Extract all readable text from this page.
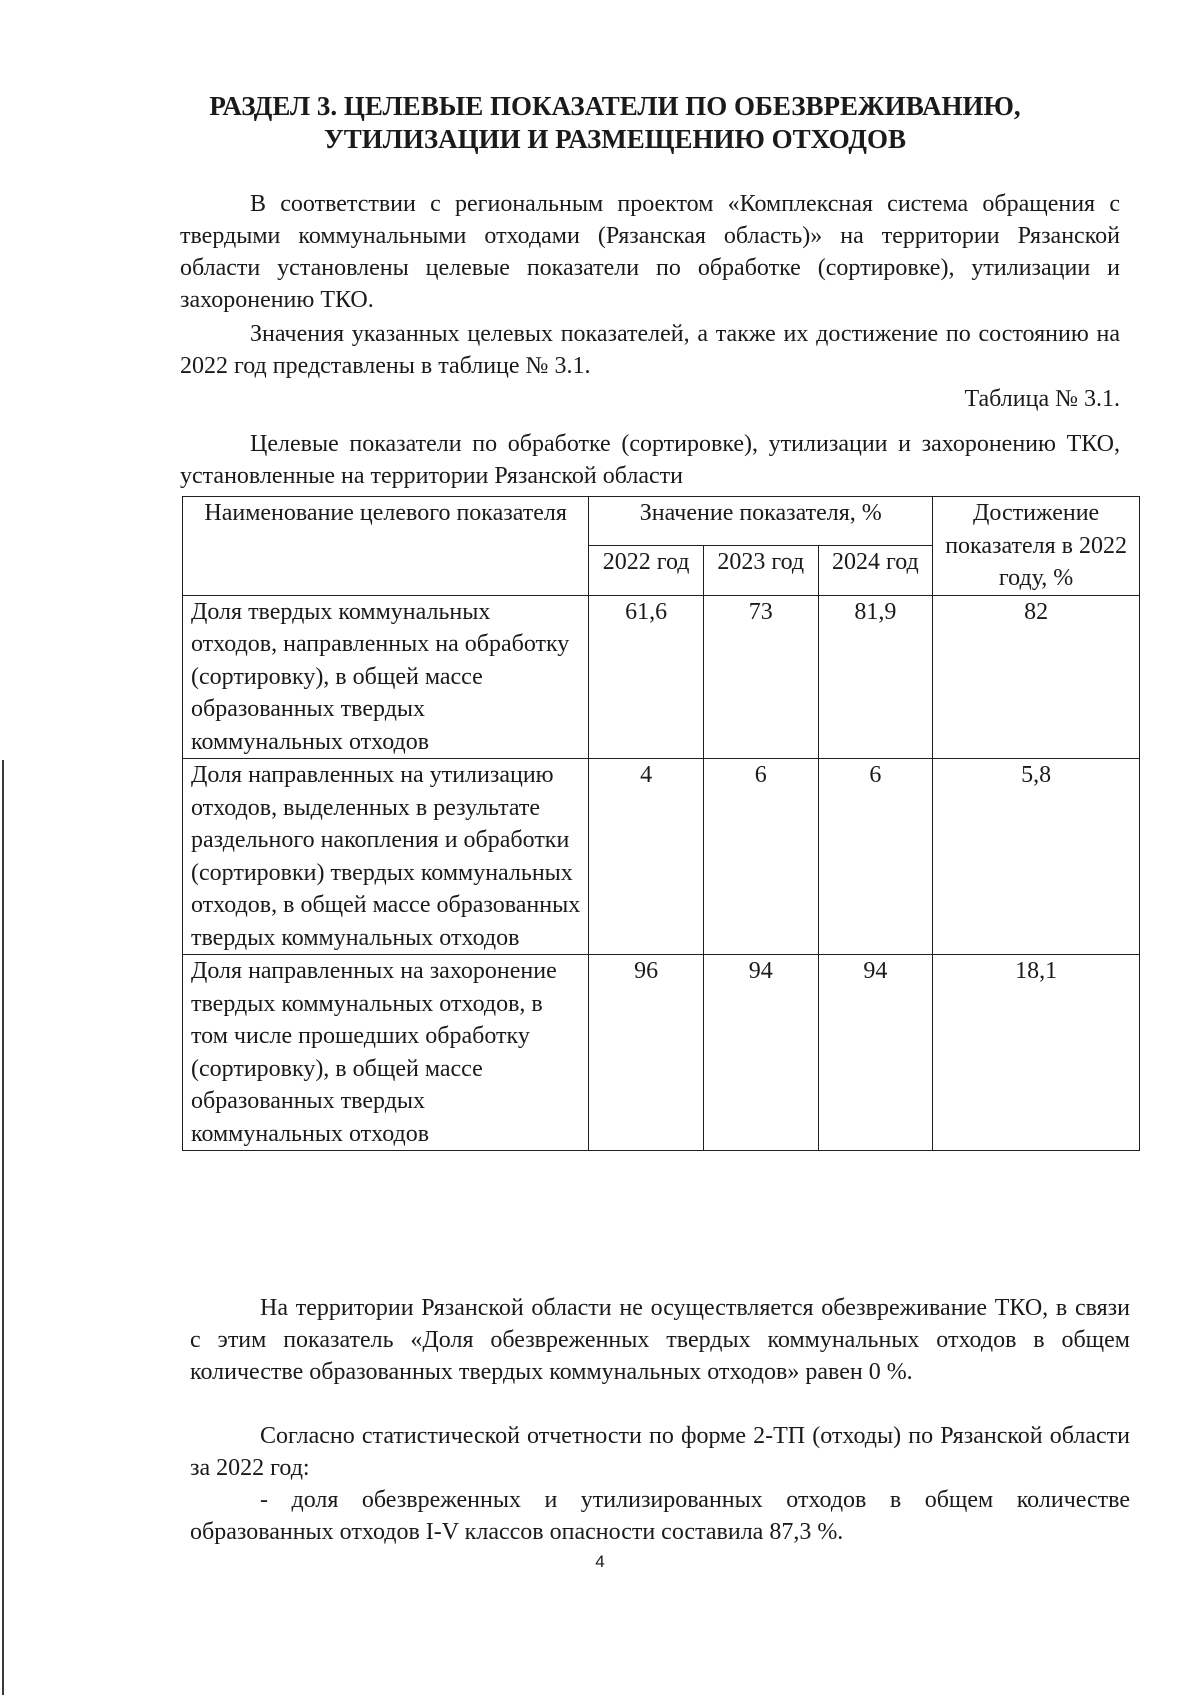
РАЗДЕЛ 3. ЦЕЛЕВЫЕ ПОКАЗАТЕЛИ ПО ОБЕЗВРЕЖИВАНИЮ,
УТИЛИЗАЦИИ И РАЗМЕЩЕНИЮ ОТХОДОВ
В соответствии с региональным проектом «Комплексная система обращения с твердыми коммунальными отходами (Рязанская область)» на территории Рязанской области установлены целевые показатели по обработке (сортировке), утилизации и захоронению ТКО.
Значения указанных целевых показателей, а также их достижение по состоянию на 2022 год представлены в таблице № 3.1.
Таблица № 3.1.
Целевые показатели по обработке (сортировке), утилизации и захоронению ТКО, установленные на территории Рязанской области
Наименование целевого показателя	Значение показателя, %			Достижение показателя в 2022 году, %
	2022 год	2023 год	2024 год	
Доля твердых коммунальных отходов, направленных на обработку (сортировку), в общей массе образованных твердых коммунальных отходов	61,6	73	81,9	82
Доля направленных на утилизацию отходов, выделенных в результате раздельного накопления и обработки (сортировки) твердых коммунальных отходов, в общей массе образованных твердых коммунальных отходов	4	6	6	5,8
Доля направленных на захоронение твердых коммунальных отходов, в том числе прошедших обработку (сортировку), в общей массе образованных твердых коммунальных отходов	96	94	94	18,1
На территории Рязанской области не осуществляется обезвреживание ТКО, в связи с этим показатель «Доля обезвреженных твердых коммунальных отходов в общем количестве образованных твердых коммунальных отходов» равен 0 %.
Согласно статистической отчетности по форме 2-ТП (отходы) по Рязанской области за 2022 год:
- доля обезвреженных и утилизированных отходов в общем количестве образованных отходов I-V классов опасности составила 87,3 %.
4
